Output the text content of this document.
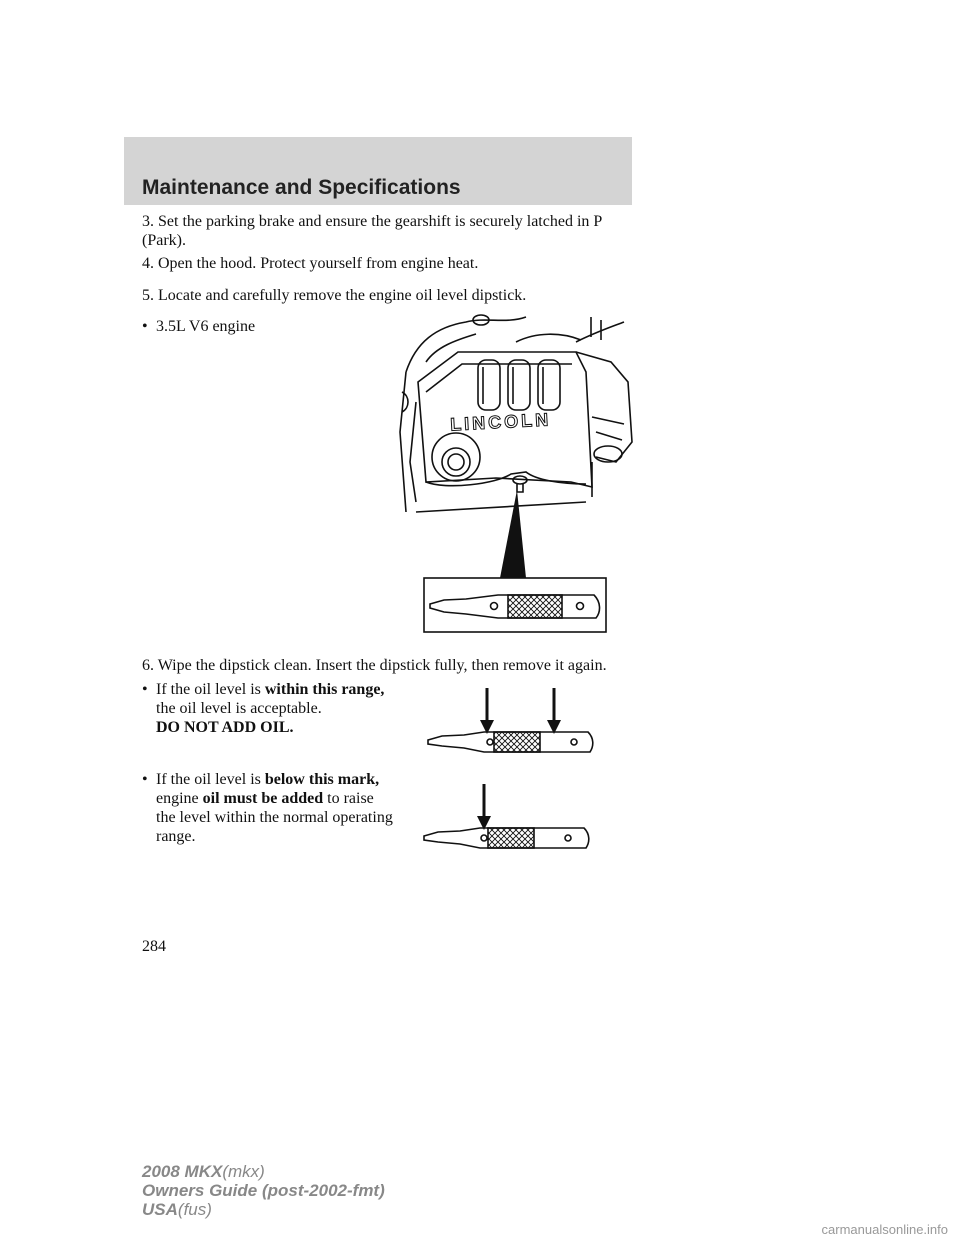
Maintenance and Specifications

3. Set the parking brake and ensure the gearshift is securely latched in P (Park).

4. Open the hood. Protect yourself from engine heat.

5. Locate and carefully remove the engine oil level dipstick.

• 3.5L V6 engine
LINCOLN

6. Wipe the dipstick clean. Insert the dipstick fully, then remove it again.

• If the oil level is within this range, the oil level is acceptable.
DO NOT ADD OIL.
• If the oil level is below this mark, engine oil must be added to raise the level within the normal operating range.
284
2008 MKX(mkx)
Owners Guide (post-2002-fmt)
USA(fus)
carmanualsonline.info
